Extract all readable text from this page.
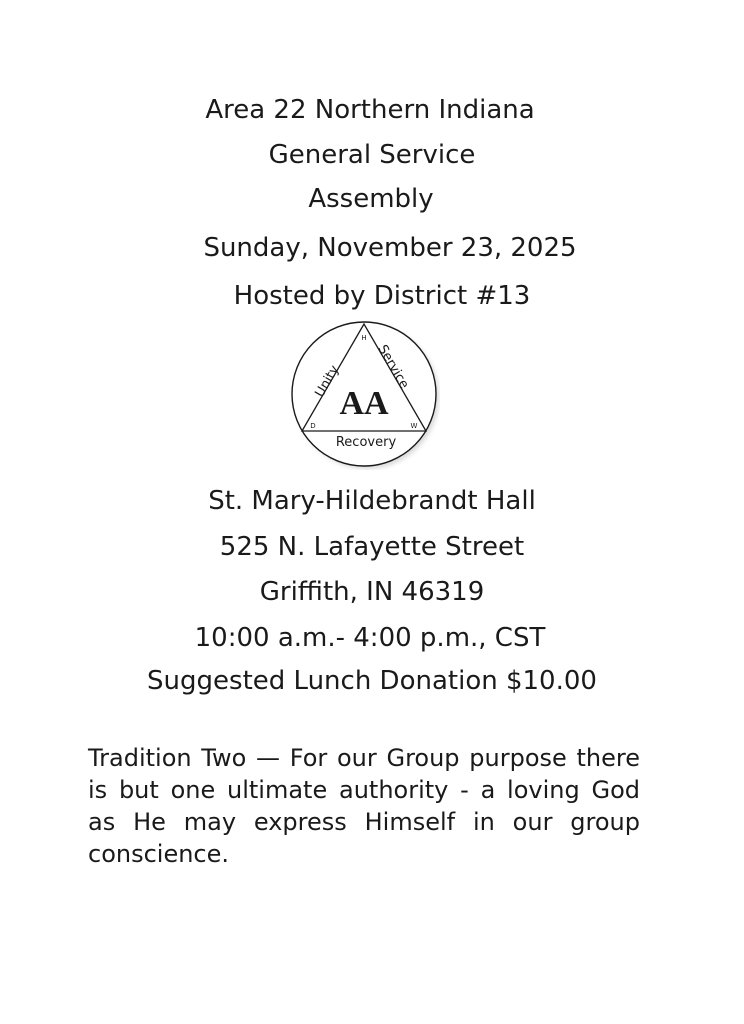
Area 22 Northern Indiana
General Service
Assembly
Sunday, November 23, 2025
Hosted by District #13
AA
Unity Service
Recovery
H
D	W
St. Mary-Hildebrandt Hall
525 N. Lafayette Street
Griffith, IN 46319
10:00 a.m.- 4:00 p.m., CST
Suggested Lunch Donation $10.00
Tradition Two — For our Group purpose there is but one ultimate authority - a loving God as He may express Himself in our group conscience.
